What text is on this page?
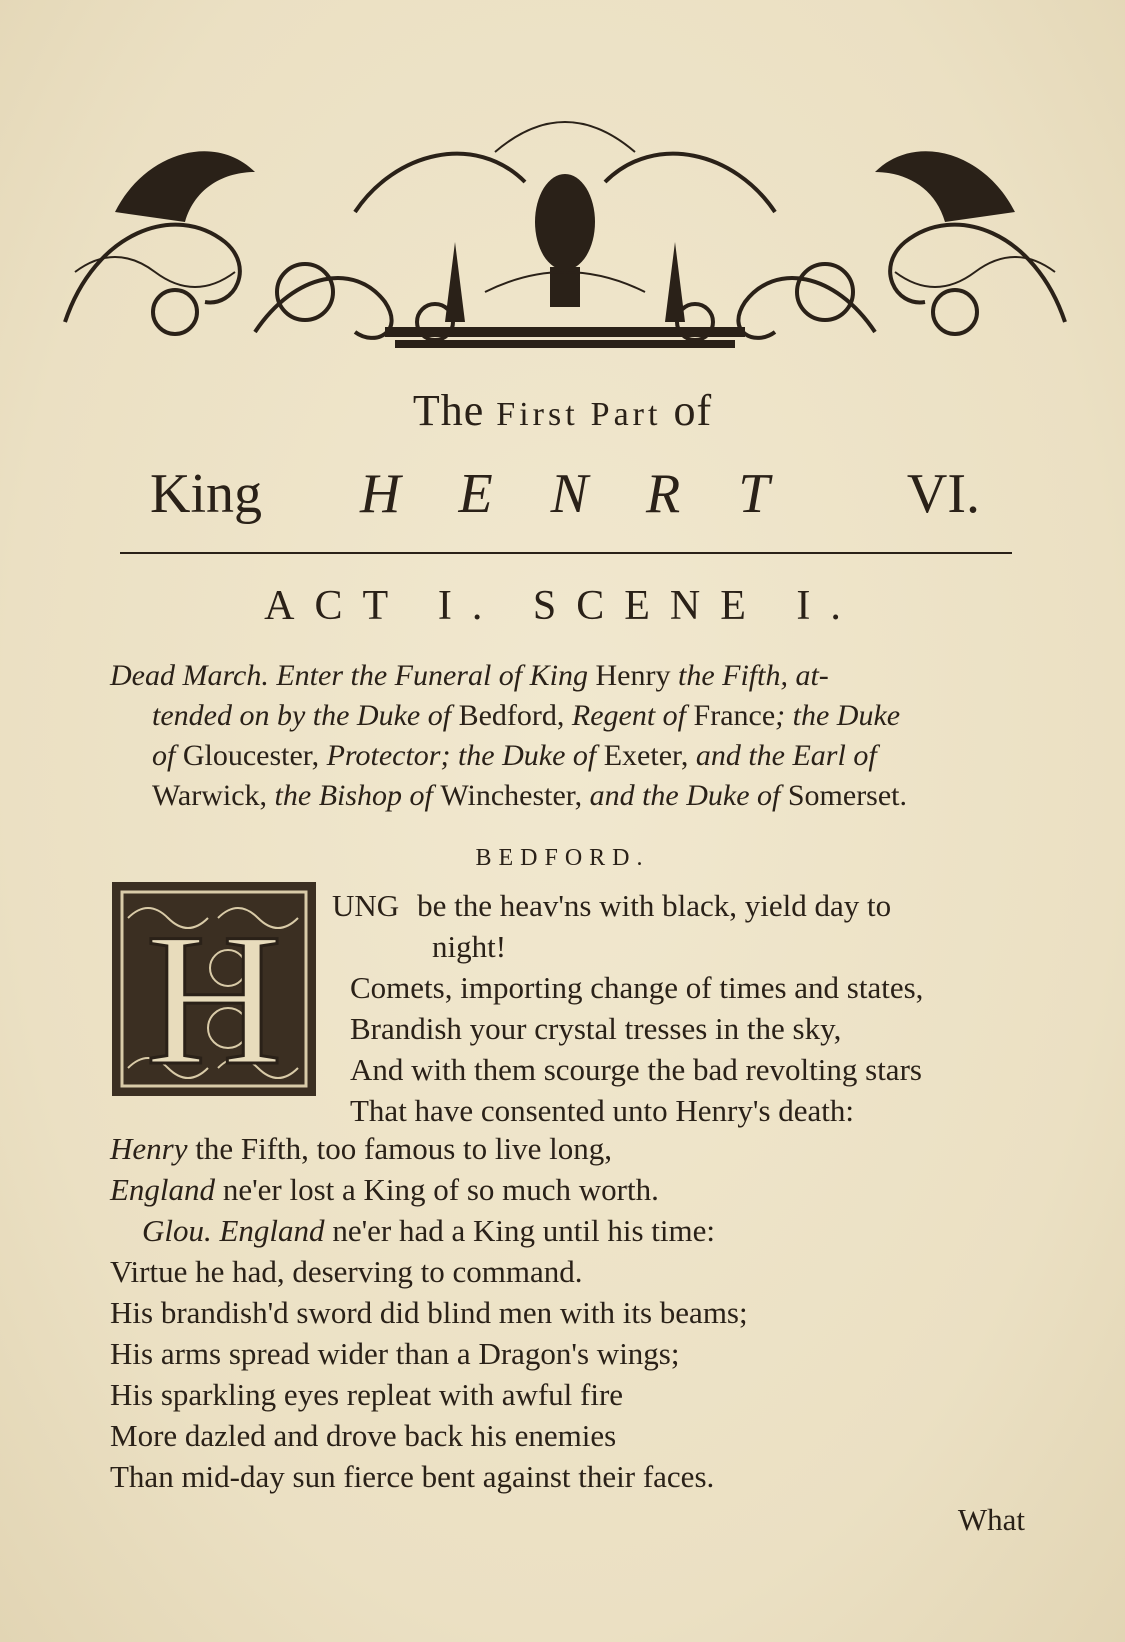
The First Part of
King HENRT VI.
ACT I. SCENE I.
Dead March. Enter the Funeral of King Henry the Fifth, at-
tended on by the Duke of Bedford, Regent of France; the Duke
of Gloucester, Protector; the Duke of Exeter, and the Earl of
Warwick, the Bishop of Winchester, and the Duke of Somerset.
BEDFORD.
H	UNG be the heav'ns with black, yield day to
night!
Comets, importing change of times and states,
Brandish your crystal tresses in the sky,
And with them scourge the bad revolting stars
That have consented unto Henry's death:
Henry the Fifth, too famous to live long,
England ne'er lost a King of so much worth.
Glou. England ne'er had a King until his time:
Virtue he had, deserving to command.
His brandish'd sword did blind men with its beams;
His arms spread wider than a Dragon's wings;
His sparkling eyes repleat with awful fire
More dazled and drove back his enemies
Than mid-day sun fierce bent against their faces.
What
